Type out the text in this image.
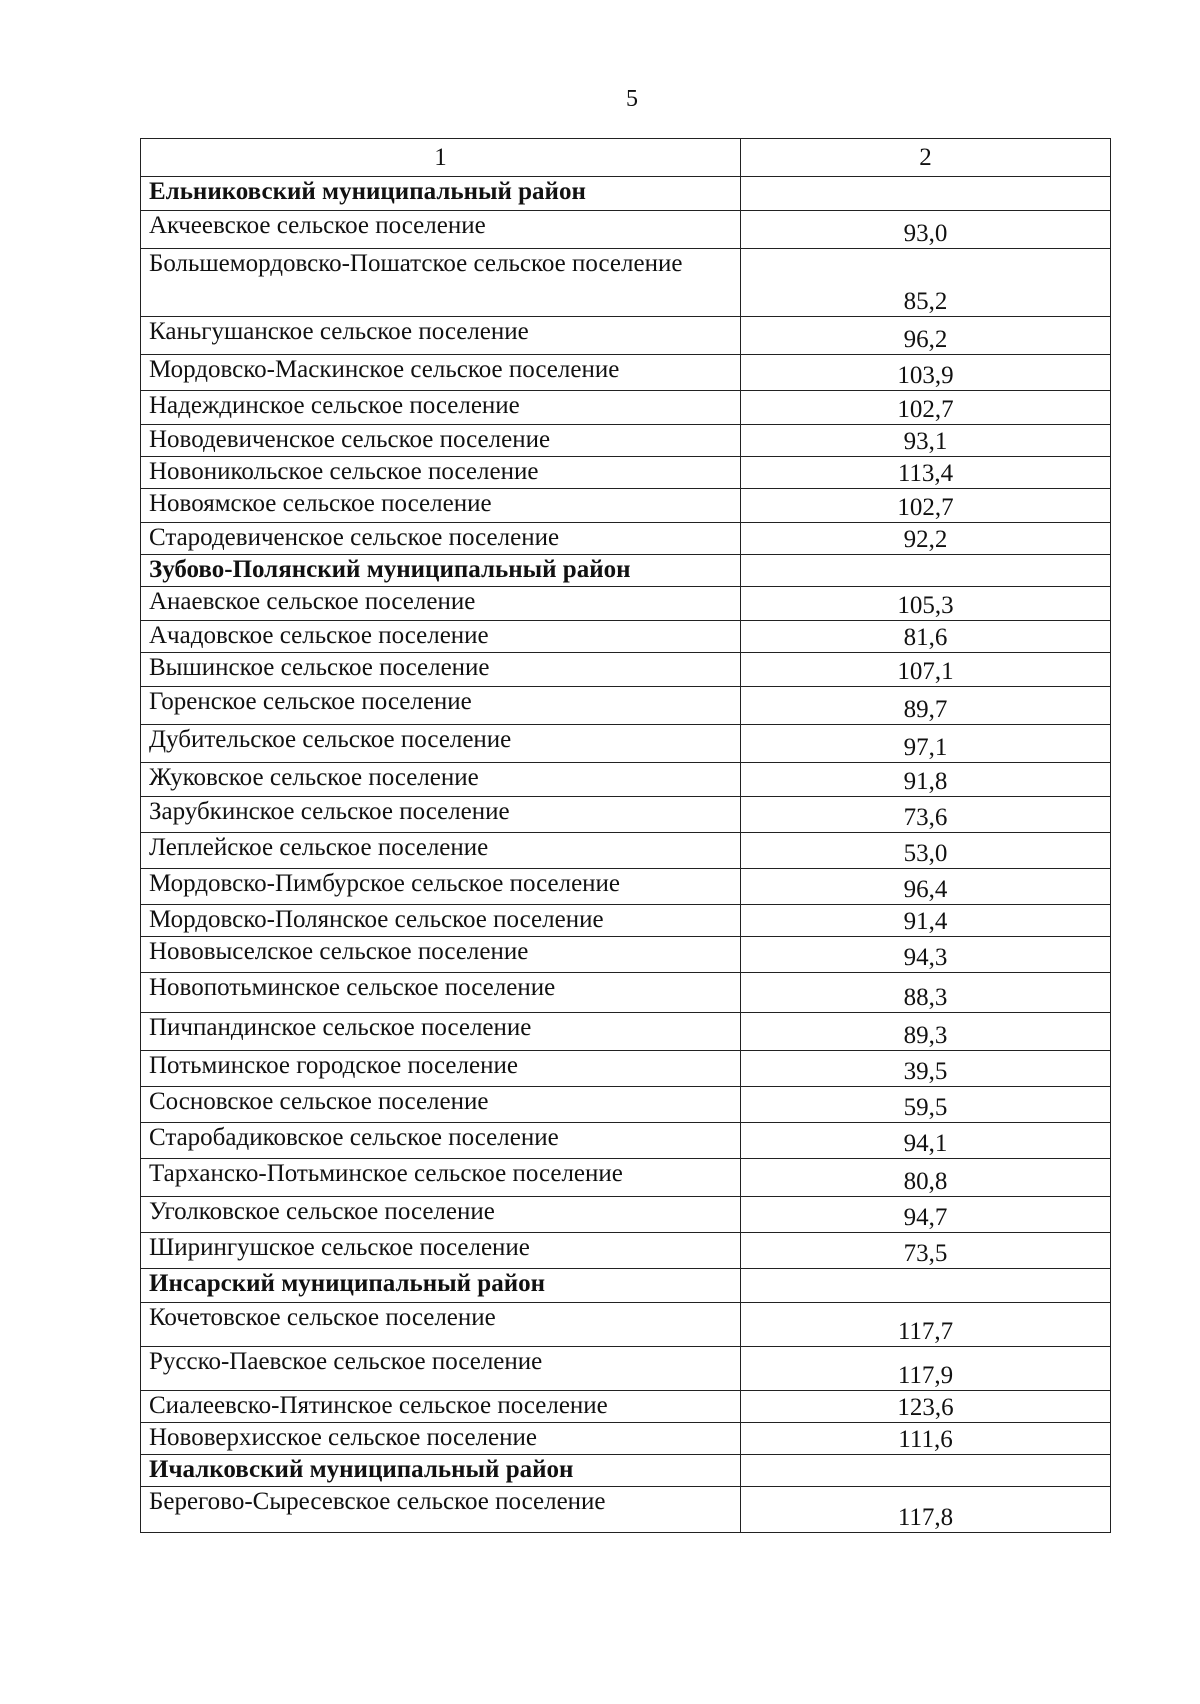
5
1	2
Ельниковский муниципальный район	
Акчеевское сельское поселение	93,0
Большемордовско-Пошатское сельское поселение	85,2
Каньгушанское сельское поселение	96,2
Мордовско-Маскинское сельское поселение	103,9
Надеждинское сельское поселение	102,7
Новодевиченское сельское поселение	93,1
Новоникольское сельское поселение	113,4
Новоямское сельское поселение	102,7
Стародевиченское сельское поселение	92,2
Зубово-Полянский муниципальный район	
Анаевское сельское поселение	105,3
Ачадовское сельское поселение	81,6
Вышинское сельское поселение	107,1
Горенское сельское поселение	89,7
Дубительское сельское поселение	97,1
Жуковское сельское поселение	91,8
Зарубкинское сельское поселение	73,6
Леплейское сельское поселение	53,0
Мордовско-Пимбурское сельское поселение	96,4
Мордовско-Полянское сельское поселение	91,4
Нововыселское сельское поселение	94,3
Новопотьминское сельское поселение	88,3
Пичпандинское сельское поселение	89,3
Потьминское городское поселение	39,5
Сосновское сельское поселение	59,5
Старобадиковское сельское поселение	94,1
Тарханско-Потьминское сельское поселение	80,8
Уголковское сельское поселение	94,7
Ширингушское сельское поселение	73,5
Инсарский муниципальный район	
Кочетовское сельское поселение	117,7
Русско-Паевское сельское поселение	117,9
Сиалеевско-Пятинское сельское поселение	123,6
Нововерхисское сельское поселение	111,6
Ичалковский муниципальный район	
Берегово-Сыресевское сельское поселение	117,8
